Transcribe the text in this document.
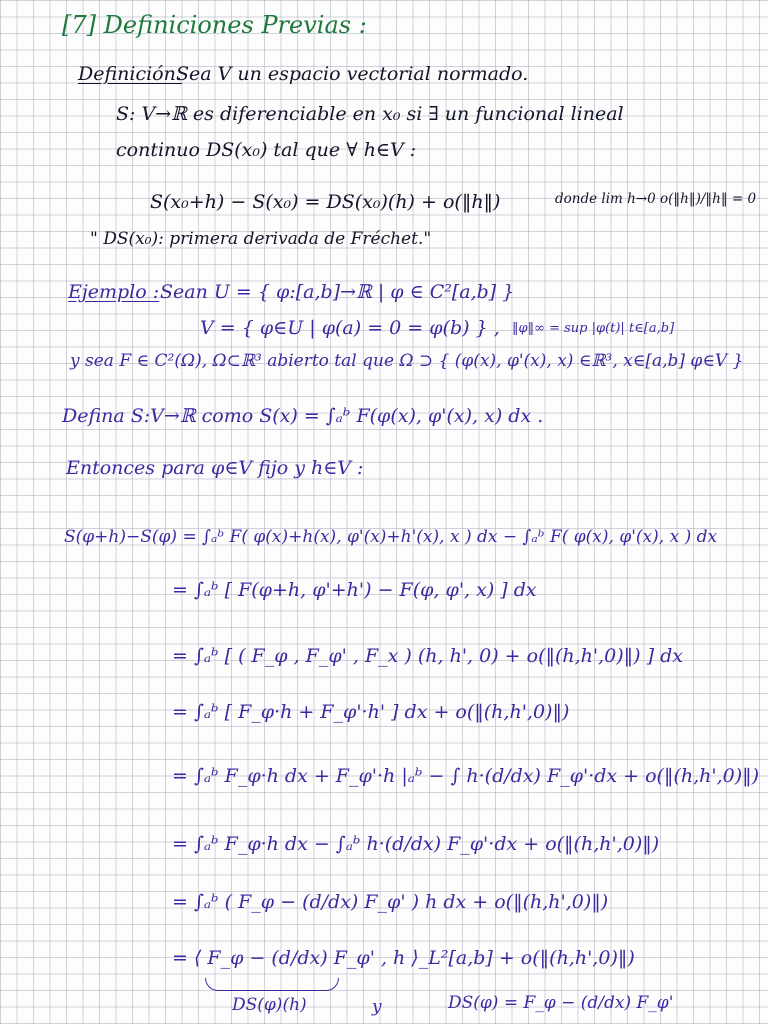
[7] Definiciones Previas :
Definición.
Sea V un espacio vectorial normado.
S: V→ℝ es diferenciable en x₀ si ∃ un funcional lineal
continuo DS(x₀) tal que ∀ h∈V :
S(x₀+h) − S(x₀) = DS(x₀)(h) + o(‖h‖)	donde lim h→0 o(‖h‖)/‖h‖ = 0
" DS(x₀): primera derivada de Fréchet."
Ejemplo : Sean U = { φ:[a,b]→ℝ | φ ∈ C²[a,b] }
V = { φ∈U | φ(a) = 0 = φ(b) } , ‖φ‖∞ = sup |φ(t)| t∈[a,b]
y sea F ∈ C²(Ω), Ω⊂ℝ³ abierto tal que Ω ⊃ { (φ(x), φ'(x), x) ∈ℝ³, x∈[a,b] φ∈V }
Defina S:V→ℝ como S(x) = ∫ₐᵇ F(φ(x), φ'(x), x) dx .
Entonces para φ∈V fijo y h∈V :
S(φ+h)−S(φ) = ∫ₐᵇ F( φ(x)+h(x), φ'(x)+h'(x), x ) dx − ∫ₐᵇ F( φ(x), φ'(x), x ) dx
= ∫ₐᵇ [ F(φ+h, φ'+h') − F(φ, φ', x) ] dx
= ∫ₐᵇ [ ( F_φ , F_φ' , F_x ) (h, h', 0) + o(‖(h,h',0)‖) ] dx
= ∫ₐᵇ [ F_φ·h + F_φ'·h' ] dx + o(‖(h,h',0)‖)
= ∫ₐᵇ F_φ·h dx + F_φ'·h |ₐᵇ − ∫ h·(d/dx) F_φ'·dx + o(‖(h,h',0)‖)
= ∫ₐᵇ F_φ·h dx − ∫ₐᵇ h·(d/dx) F_φ'·dx + o(‖(h,h',0)‖)
= ∫ₐᵇ ( F_φ − (d/dx) F_φ' ) h dx + o(‖(h,h',0)‖)
= ⟨ F_φ − (d/dx) F_φ' , h ⟩_L²[a,b] + o(‖(h,h',0)‖)
DS(φ)(h)	y	DS(φ) = F_φ − (d/dx) F_φ'
